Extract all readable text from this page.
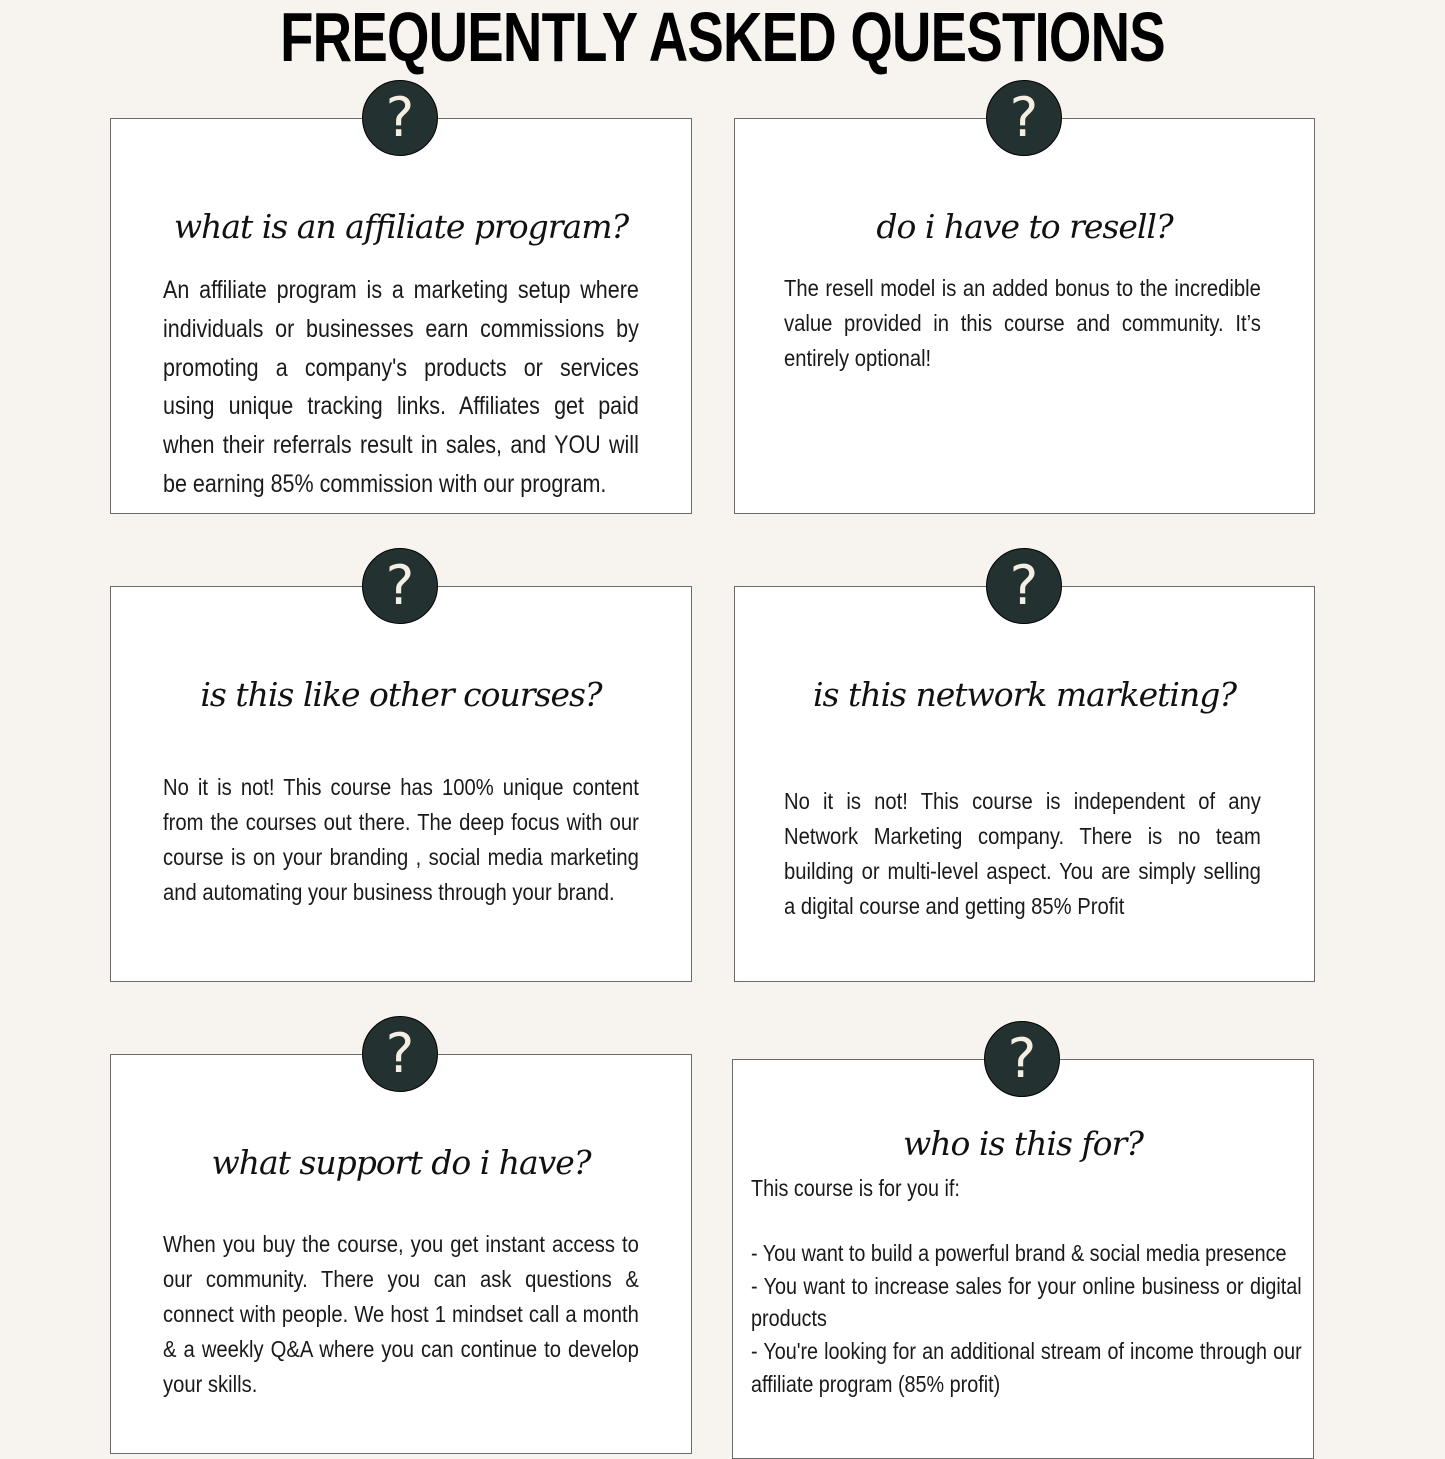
FREQUENTLY ASKED QUESTIONS

what is an affiliate program?

An affiliate program is a marketing setup where individuals or businesses earn commissions by promoting a company's products or services using unique tracking links. Affiliates get paid when their referrals result in sales, and YOU will be earning 85% commission with our program.

?

do i have to resell?

The resell model is an added bonus to the incredible value provided in this course and community. It’s entirely optional!

?

is this like other courses?

No it is not! This course has 100% unique content from the courses out there. The deep focus with our course is on your branding , social media marketing and automating your business through your brand.

?

is this network marketing?

No it is not! This course is independent of any Network Marketing company. There is no team building or multi-level aspect. You are simply selling a digital course and getting 85% Profit

?

what support do i have?

When you buy the course, you get instant access to our community. There you can ask questions & connect with people. We host 1 mindset call a month & a weekly Q&A where you can continue to develop your skills.

?

who is this for?

This course is for you if:

- You want to build a powerful brand & social media presence
- You want to increase sales for your online business or digital products
- You're looking for an additional stream of income through our affiliate program (85% profit)
?
